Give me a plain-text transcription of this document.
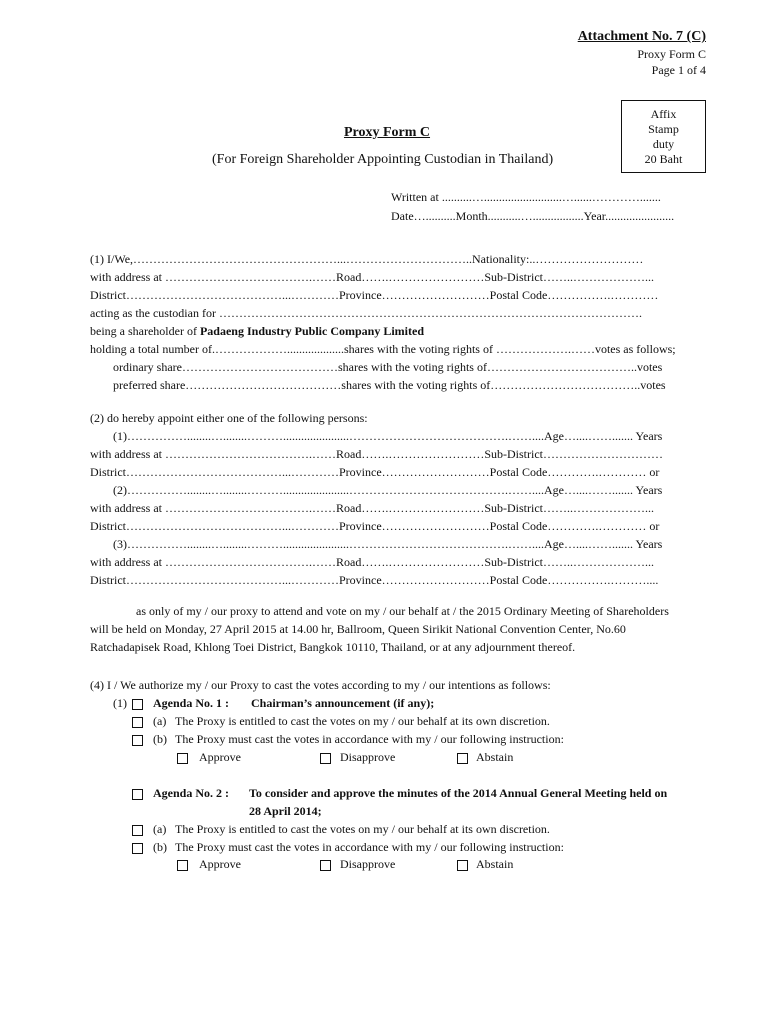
Attachment No. 7 (C)
Proxy Form C
Page 1 of 4
Affix
Stamp
duty
20 Baht
Proxy Form C
(For Foreign Shareholder Appointing Custodian in Thailand)
Written at ..........…..........................…......………….......
Date…..........Month...........….................Year.......................
(1) I/We,……………………………………………...…………………………..Nationality:..………………………
with address at ……………………………….……Road…….……………………Sub-District……..………………...
District…………………………………...…………Province………………………Postal Code…………….…………
acting as the custodian for …………………………………………………………………………………………….
being a shareholder of Padaeng Industry Public Company Limited
holding a total number of.………………...................shares with the voting rights of ……………….……votes as follows;
ordinary share…………………………………shares with the voting rights of………………………………..votes
preferred share…………………………………shares with the voting rights of………………………………..votes
(2) do hereby appoint either one of the following persons:
(1)……………........…........………......................………………………………….……....Age…....……....... Years
with address at ……………………………….……Road…….……………………Sub-District…………………………
District…………………………………...…………Province………………………Postal Code………….………… or
(2)……………........…........………......................………………………………….……....Age…....……....... Years
with address at ……………………………….……Road…….……………………Sub-District……..………………...
District…………………………………...…………Province………………………Postal Code………….………… or
(3)……………........…........………......................………………………………….……....Age…....……....... Years
with address at ……………………………….……Road…….……………………Sub-District……..………………...
District…………………………………...…………Province………………………Postal Code…………….………....
as only of my / our proxy to attend and vote on my / our behalf at / the 2015 Ordinary Meeting of Shareholders
will be held on Monday, 27 April 2015 at 14.00 hr, Ballroom, Queen Sirikit National Convention Center, No.60
Ratchadapisek Road, Khlong Toei District, Bangkok 10110, Thailand, or at any adjournment thereof.
(4) I / We authorize my / our Proxy to cast the votes according to my / our intentions as follows:
(1) Agenda No. 1 : Chairman’s announcement (if any);
(a) The Proxy is entitled to cast the votes on my / our behalf at its own discretion.
(b) The Proxy must cast the votes in accordance with my / our following instruction:
Approve	Disapprove	Abstain
Agenda No. 2 : To consider and approve the minutes of the 2014 Annual General Meeting held on
28 April 2014;
(a) The Proxy is entitled to cast the votes on my / our behalf at its own discretion.
(b) The Proxy must cast the votes in accordance with my / our following instruction:
Approve	Disapprove	Abstain
